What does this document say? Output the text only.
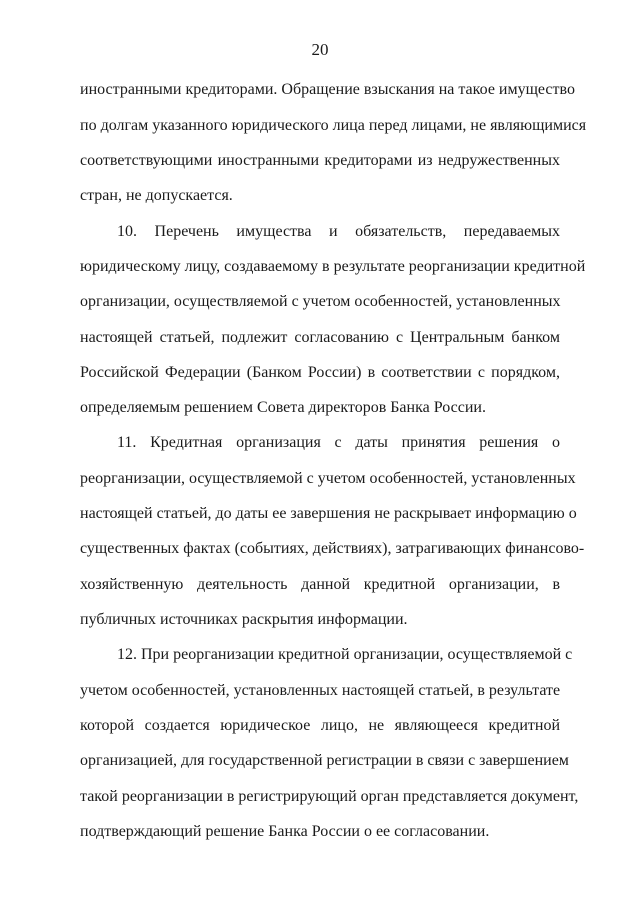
20
иностранными кредиторами. Обращение взыскания на такое имущество
по долгам указанного юридического лица перед лицами, не являющимися
соответствующими иностранными кредиторами из недружественных
стран, не допускается.
10. Перечень имущества и обязательств, передаваемых
юридическому лицу, создаваемому в результате реорганизации кредитной
организации, осуществляемой с учетом особенностей, установленных
настоящей статьей, подлежит согласованию с Центральным банком
Российской Федерации (Банком России) в соответствии с порядком,
определяемым решением Совета директоров Банка России.
11. Кредитная организация с даты принятия решения о
реорганизации, осуществляемой с учетом особенностей, установленных
настоящей статьей, до даты ее завершения не раскрывает информацию о
существенных фактах (событиях, действиях), затрагивающих финансово-
хозяйственную деятельность данной кредитной организации, в
публичных источниках раскрытия информации.
12. При реорганизации кредитной организации, осуществляемой с
учетом особенностей, установленных настоящей статьей, в результате
которой создается юридическое лицо, не являющееся кредитной
организацией, для государственной регистрации в связи с завершением
такой реорганизации в регистрирующий орган представляется документ,
подтверждающий решение Банка России о ее согласовании.
